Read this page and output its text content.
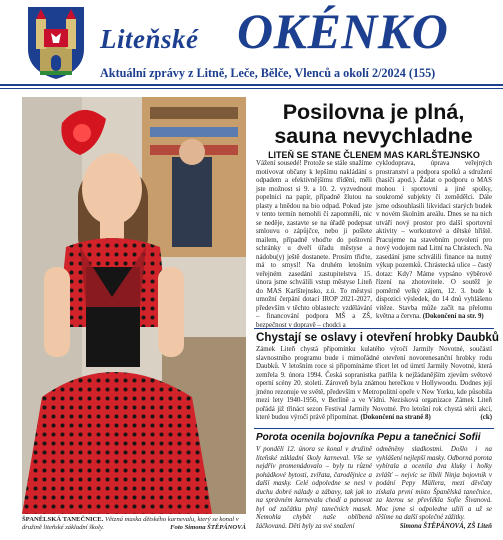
Liteňské OKÉNKO
Aktuální zprávy z Litně, Leče, Bělče, Vlenců a okolí 2/2024 (155)
ŠPANĚLSKÁ TANEČNICE. Větzná maska dětského karnevalu, který se konal v družině liteňské základní školy.	Foto Simona ŠTĚPÁNOVÁ
Posilovna je plná, sauna nevychladne
LITEŇ SE STANE ČLENEM MAS KARLŠTEJNSKO
Vážení sousedé! Protože se stále snažíme motivovat občany k lepšímu nakládání s odpadem a efektivnějšímu třídění, měli jste možnost si 9. a 10. 2. vyzvednout popelnici na papír, případně žlutou na plasty a hnědou na bio odpad. Pokud jste v tento termín nemohli či zapomněli, nic se neděje, zastavte se na úřadě podepsat smlouvu o zápůjčce, nebo ji pošlete mailem, případně vhoďte do poštovní schránky u dveří úřadu městyse a nádobu(y) ještě dostanete. Prosím třiďte, má to smysl! Na druhém letošním veřejném zasedání zastupitelstva 15. února jsme schválili vstup městyse Liteň do MAS Karlštejnsko, z.ú. To městysi umožní čerpání dotací IROP 2021-2027, především v těchto oblastech: vzdělávání – financování podpora MŠ a ZŠ, bezpečnost v dopravě – chodci a
cyklodoprava, úprava veřejných prostranství a podpora spolků a sdružení (hasiči apod.). Žádat o podporu o MAS mohou i sportovní a jiné spolky, soukromé subjekty či zemědělci. Dále jsme odsouhlasili likvidaci starých budek v novém školním areálu. Dnes se na nich utváří nový prostor pro další sportovní aktivity – workoutové a dětské hřiště. Pracujeme na stavebním povolení pro nový vodojem nad Litní na Chrástech. Na zasedání jsme schválili finance na nutný výkup pozemků. Chrástecká ulice – častý dotaz: Kdy? Máme vypsáno výběrové řízení na zhotovitele. O soutěž je poměrně velký zájem, 12. 3. bude k dispozici výsledek, do 14 dnů vyhlášeno vítěze. Stavba může začít na přelomu května a června. (Dokončení na str. 9)
Chystají se oslavy i otevření hrobky Daubků
Zámek Liteň chystá připomínku kulatého výročí Jarmily Novotné, součástí slavnostního programu bude i mimořádné otevření novorenesanční hrobky rodu Daubků. V letošním roce si připomínáme třicet let od úmrtí Jarmily Novotné, která zemřela 9. února 1994. Česká sopranistka patřila k nejžádanějším zjevům světové operní scény 20. století. Zároveň byla známou herečkou v Hollywoodu. Dodnes její jméno rezonuje ve světě, především v Metropolitní opeře v New Yorku, kde působila mezi lety 1940-1956, v Berlíně a ve Vídni. Nezisková organizace Zámek Liteň pořádá již třináct sezon Festival Jarmily Novotné. Pro letošní rok chystá sérii akcí, které budou výročí právě připomínat. (Dokončení na straně 8)	(ck)
Porota ocenila bojovníka Pepu a tanečnici Sofii
V pondělí 12. února se konal v družině liteňské základní školy karneval. Vše se nejdřív promenádovalo – byly tu různé pohádkové bytosti, zvířata, čarodějnice a další masky. Celé odpoledne se nesl v duchu dobré nálady a zábavy, tak jak to na správném karnevalu chodí a panovat byl od začátku plný tanečních masek. Nemohla chybět naše oblíbená žáčkovaná. Děti byly za své snažení
odměněny sladkostmi. Došlo i na vyhlášení nejlepší masky. Odborná porota vybírala a ocenila dva kluky i holky zvlášť – nejvíc se líbili Ninja bojovník v podání Pepy Müllera, mezi děvčaty získala první místo Španělská tanečnice, za kterou se převlékla Sofie Šivanová. Moc jsme si odpoledne užili a už se těšíme na další společné zážitky.
Simona ŠTĚPÁNOVÁ, ZŠ Liteň
